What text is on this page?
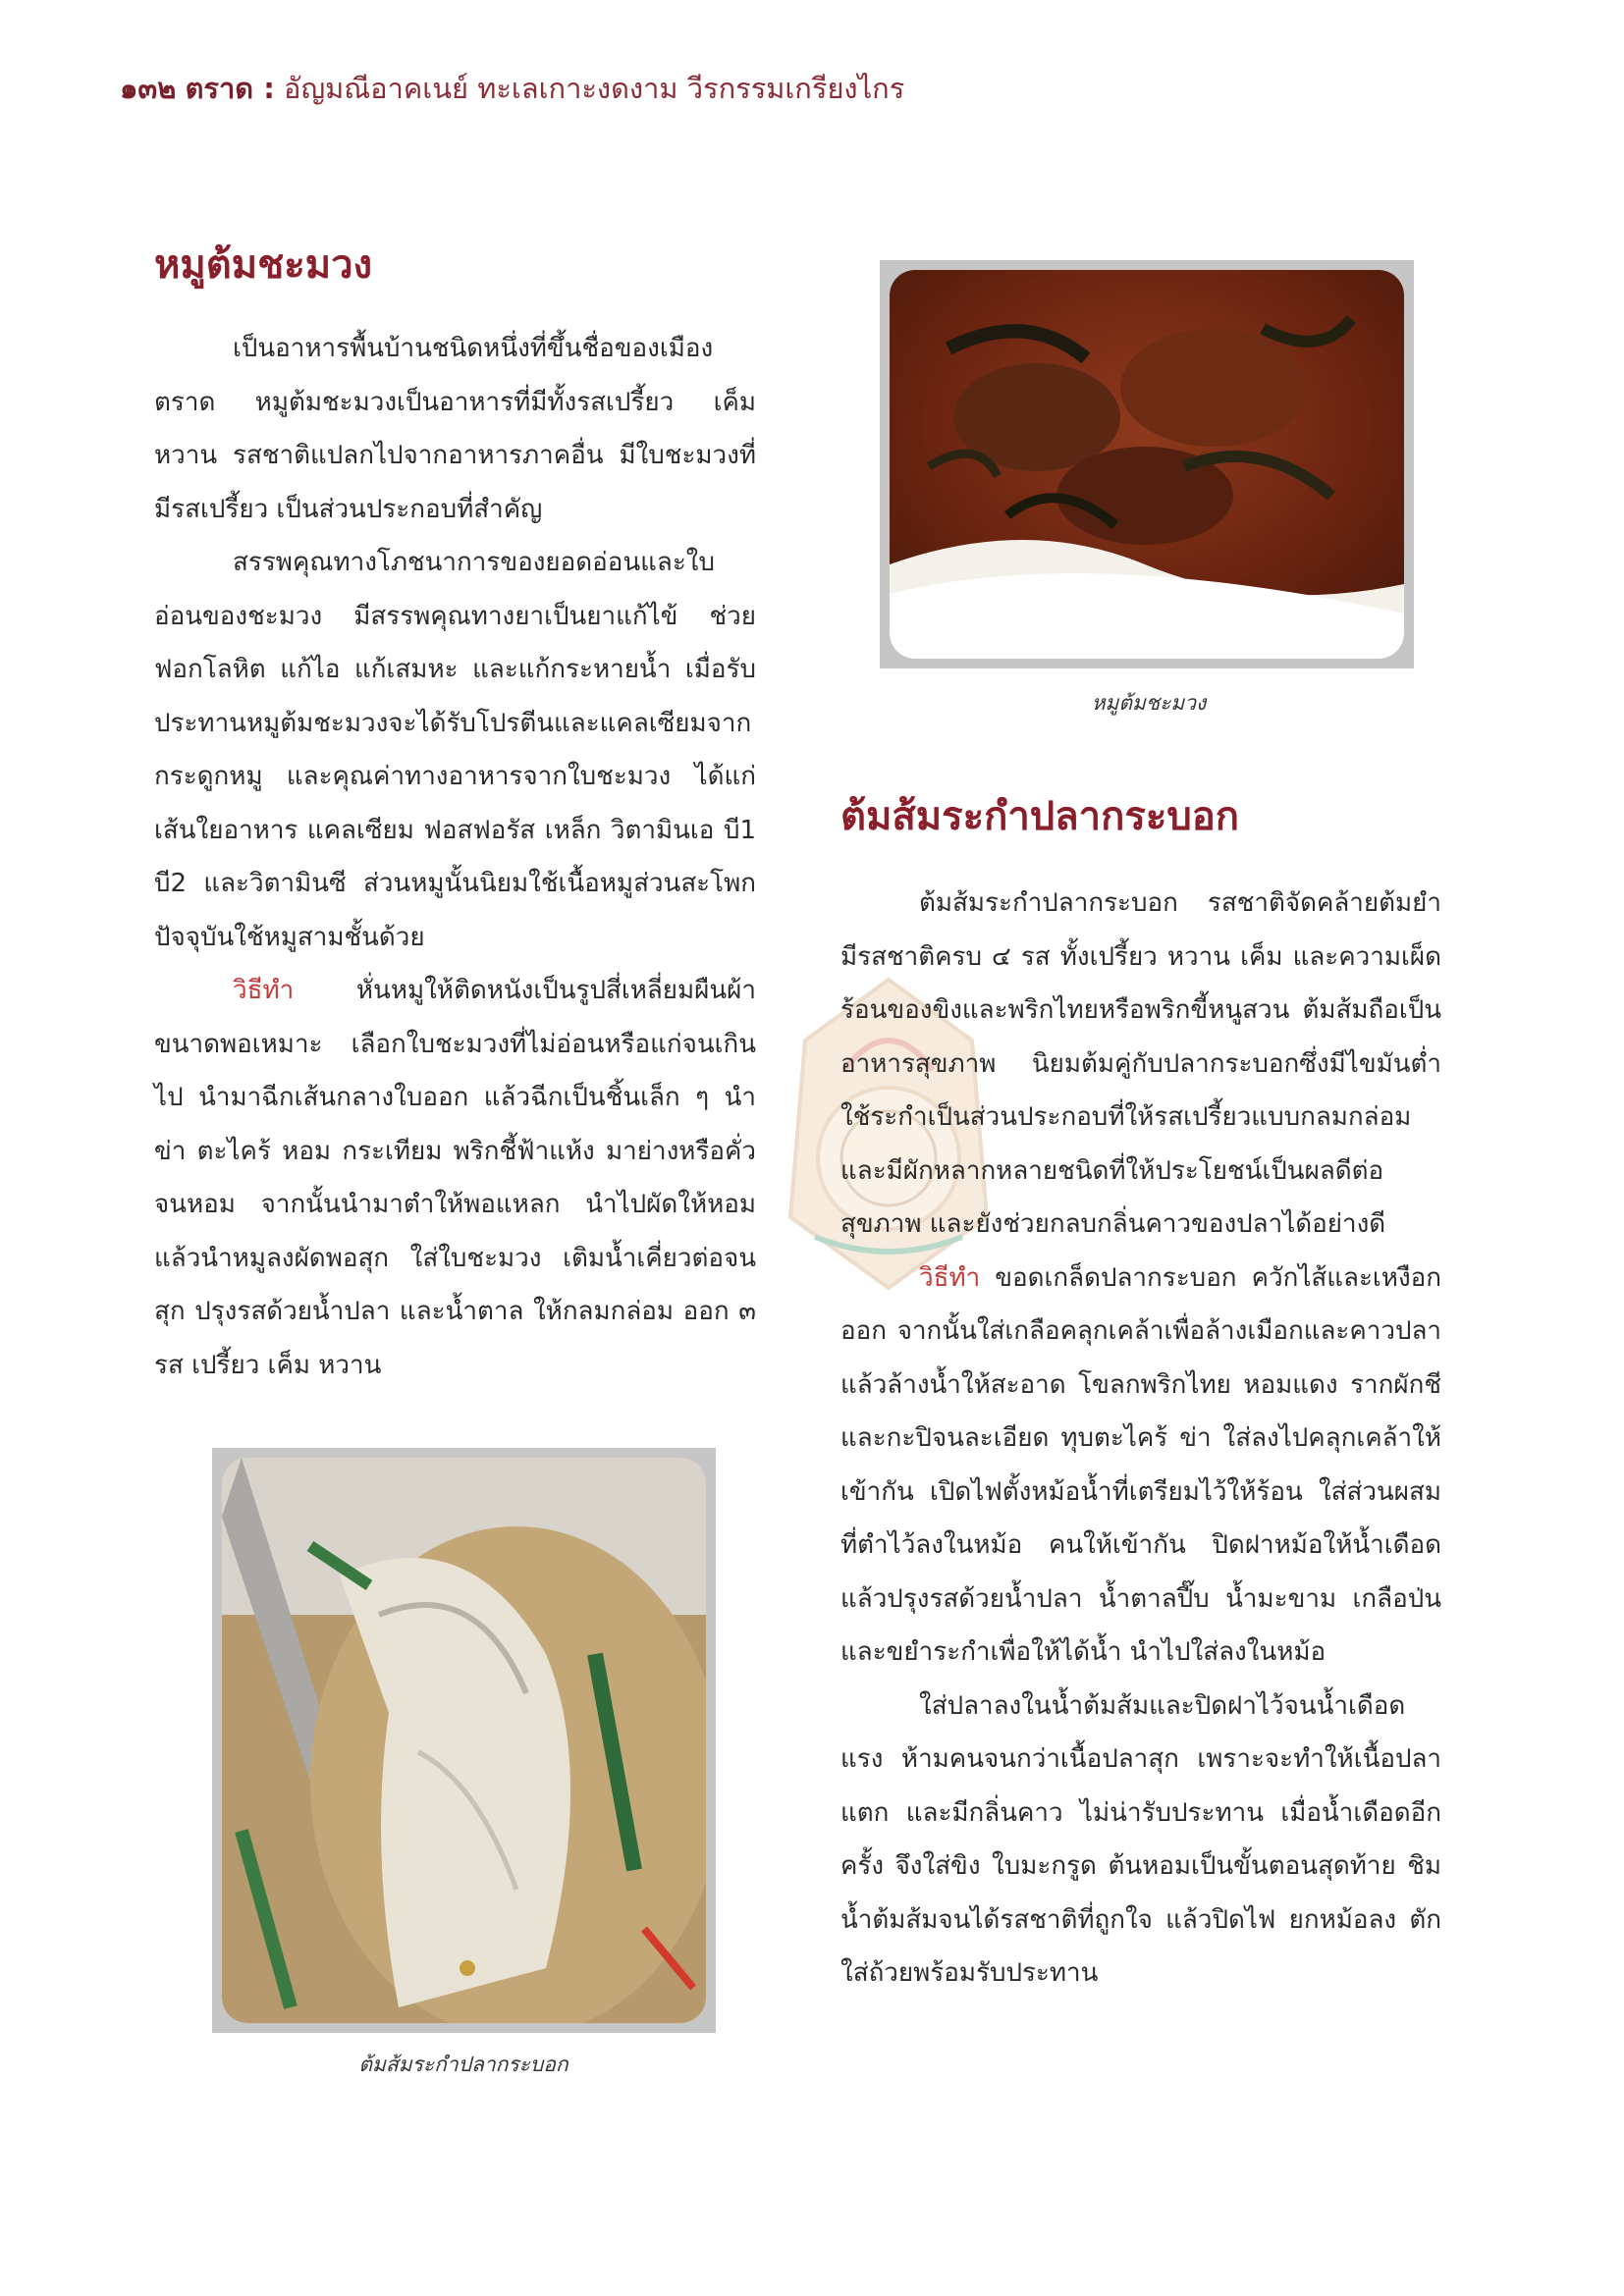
๑๓๒ ตราด : อัญมณีอาคเนย์ ทะเลเกาะงดงาม วีรกรรมเกรียงไกร
หมูต้มชะมวง

เป็นอาหารพื้นบ้านชนิดหนึ่งที่ขึ้นชื่อของเมืองตราด หมูต้มชะมวงเป็นอาหารที่มีทั้งรสเปรี้ยว เค็ม หวาน รสชาติแปลกไปจากอาหารภาคอื่น มีใบชะมวงที่มีรสเปรี้ยว เป็นส่วนประกอบที่สำคัญ

สรรพคุณทางโภชนาการของยอดอ่อนและใบอ่อนของชะมวง มีสรรพคุณทางยาเป็นยาแก้ไข้ ช่วยฟอกโลหิต แก้ไอ แก้เสมหะ และแก้กระหายน้ำ เมื่อรับประทานหมูต้มชะมวงจะได้รับโปรตีนและแคลเซียมจากกระดูกหมู และคุณค่าทางอาหารจากใบชะมวง ได้แก่ เส้นใยอาหาร แคลเซียม ฟอสฟอรัส เหล็ก วิตามินเอ บี1 บี2 และวิตามินซี ส่วนหมูนั้นนิยมใช้เนื้อหมูส่วนสะโพก ปัจจุบันใช้หมูสามชั้นด้วย

วิธีทำ หั่นหมูให้ติดหนังเป็นรูปสี่เหลี่ยมผืนผ้าขนาดพอเหมาะ เลือกใบชะมวงที่ไม่อ่อนหรือแก่จนเกินไป นำมาฉีกเส้นกลางใบออก แล้วฉีกเป็นชิ้นเล็ก ๆ นำข่า ตะไคร้ หอม กระเทียม พริกชี้ฟ้าแห้ง มาย่างหรือคั่วจนหอม จากนั้นนำมาตำให้พอแหลก นำไปผัดให้หอม แล้วนำหมูลงผัดพอสุก ใส่ใบชะมวง เติมน้ำเคี่ยวต่อจนสุก ปรุงรสด้วยน้ำปลา และน้ำตาล ให้กลมกล่อม ออก ๓ รส เปรี้ยว เค็ม หวาน

หมูต้มชะมวง
ต้มส้มระกำปลากระบอก

ต้มส้มระกำปลากระบอก รสชาติจัดคล้ายต้มยำ มีรสชาติครบ ๔ รส ทั้งเปรี้ยว หวาน เค็ม และความเผ็ดร้อนของขิงและพริกไทยหรือพริกขี้หนูสวน ต้มส้มถือเป็นอาหารสุขภาพ นิยมต้มคู่กับปลากระบอกซึ่งมีไขมันต่ำ ใช้ระกำเป็นส่วนประกอบที่ให้รสเปรี้ยวแบบกลมกล่อม และมีผักหลากหลายชนิดที่ให้ประโยชน์เป็นผลดีต่อสุขภาพ และยังช่วยกลบกลิ่นคาวของปลาได้อย่างดี

วิธีทำ ขอดเกล็ดปลากระบอก ควักไส้และเหงือกออก จากนั้นใส่เกลือคลุกเคล้าเพื่อล้างเมือกและคาวปลา แล้วล้างน้ำให้สะอาด โขลกพริกไทย หอมแดง รากผักชี และกะปิจนละเอียด ทุบตะไคร้ ข่า ใส่ลงไปคลุกเคล้าให้เข้ากัน เปิดไฟตั้งหม้อน้ำที่เตรียมไว้ให้ร้อน ใส่ส่วนผสมที่ตำไว้ลงในหม้อ คนให้เข้ากัน ปิดฝาหม้อให้น้ำเดือด แล้วปรุงรสด้วยน้ำปลา น้ำตาลปี๊บ น้ำมะขาม เกลือป่น และขยำระกำเพื่อให้ได้น้ำ นำไปใส่ลงในหม้อ

ใส่ปลาลงในน้ำต้มส้มและปิดฝาไว้จนน้ำเดือดแรง ห้ามคนจนกว่าเนื้อปลาสุก เพราะจะทำให้เนื้อปลาแตก และมีกลิ่นคาว ไม่น่ารับประทาน เมื่อน้ำเดือดอีกครั้ง จึงใส่ขิง ใบมะกรูด ต้นหอมเป็นขั้นตอนสุดท้าย ชิมน้ำต้มส้มจนได้รสชาติที่ถูกใจ แล้วปิดไฟ ยกหม้อลง ตักใส่ถ้วยพร้อมรับประทาน

ต้มส้มระกำปลากระบอก
